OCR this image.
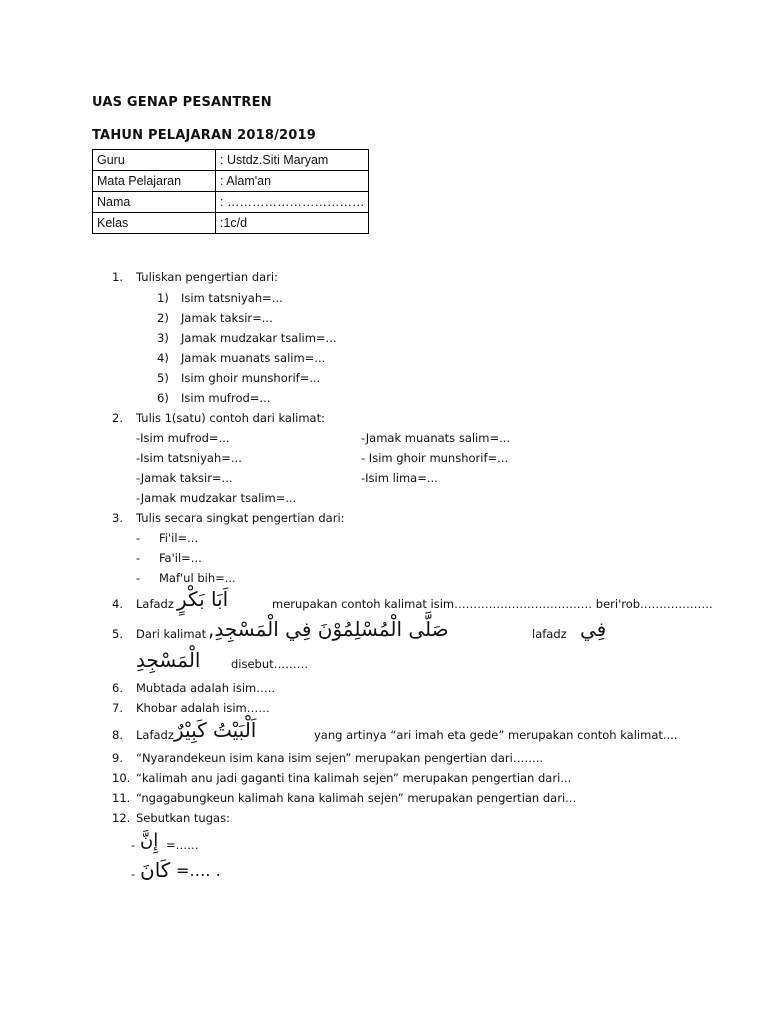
UAS GENAP PESANTREN
TAHUN PELAJARAN 2018/2019
Guru	: Ustdz.Siti Maryam
Mata Pelajaran	: Alam'an
Nama	: ……………………………
Kelas	:1c/d
1. Tuliskan pengertian dari:
1) Isim tatsniyah=...
2) Jamak taksir=...
3) Jamak mudzakar tsalim=...
4) Jamak muanats salim=...
5) Isim ghoir munshorif=...
6) Isim mufrod=...
2. Tulis 1(satu) contoh dari kalimat:
-Isim mufrod=...
-Isim tatsniyah=...
-Jamak taksir=...
-Jamak mudzakar tsalim=...
-Jamak muanats salim=...
- Isim ghoir munshorif=...
-Isim lima=...
3. Tulis secara singkat pengertian dari:
- Fi'il=...
- Fa'il=...
- Maf'ul bih=...
4. Lafadz اَبَا بَكْرٍ	merupakan contoh kalimat isim……………………………… beri'rob……………….
5. Dari kalimat صَلَّى الْمُسْلِمُوْنَ فِي الْمَسْجِدِ,	lafadz فِي
الْمَسْجِدِ	disebut………
6. Mubtada adalah isim…..
7. Khobar adalah isim……
8. Lafadz اَلْبَيْتُ كَبِيْرٌ	yang artinya “ari imah eta gede” merupakan contoh kalimat....
9. “Nyarandekeun isim kana isim sejen” merupakan pengertian dari……..
10. “kalimah anu jadi gaganti tina kalimah sejen” merupakan pengertian dari...
11. “ngagabungkeun kalimah kana kalimah sejen” merupakan pengertian dari...
12. Sebutkan tugas:
- إِنَّ =……
- كَانَ =…. .
